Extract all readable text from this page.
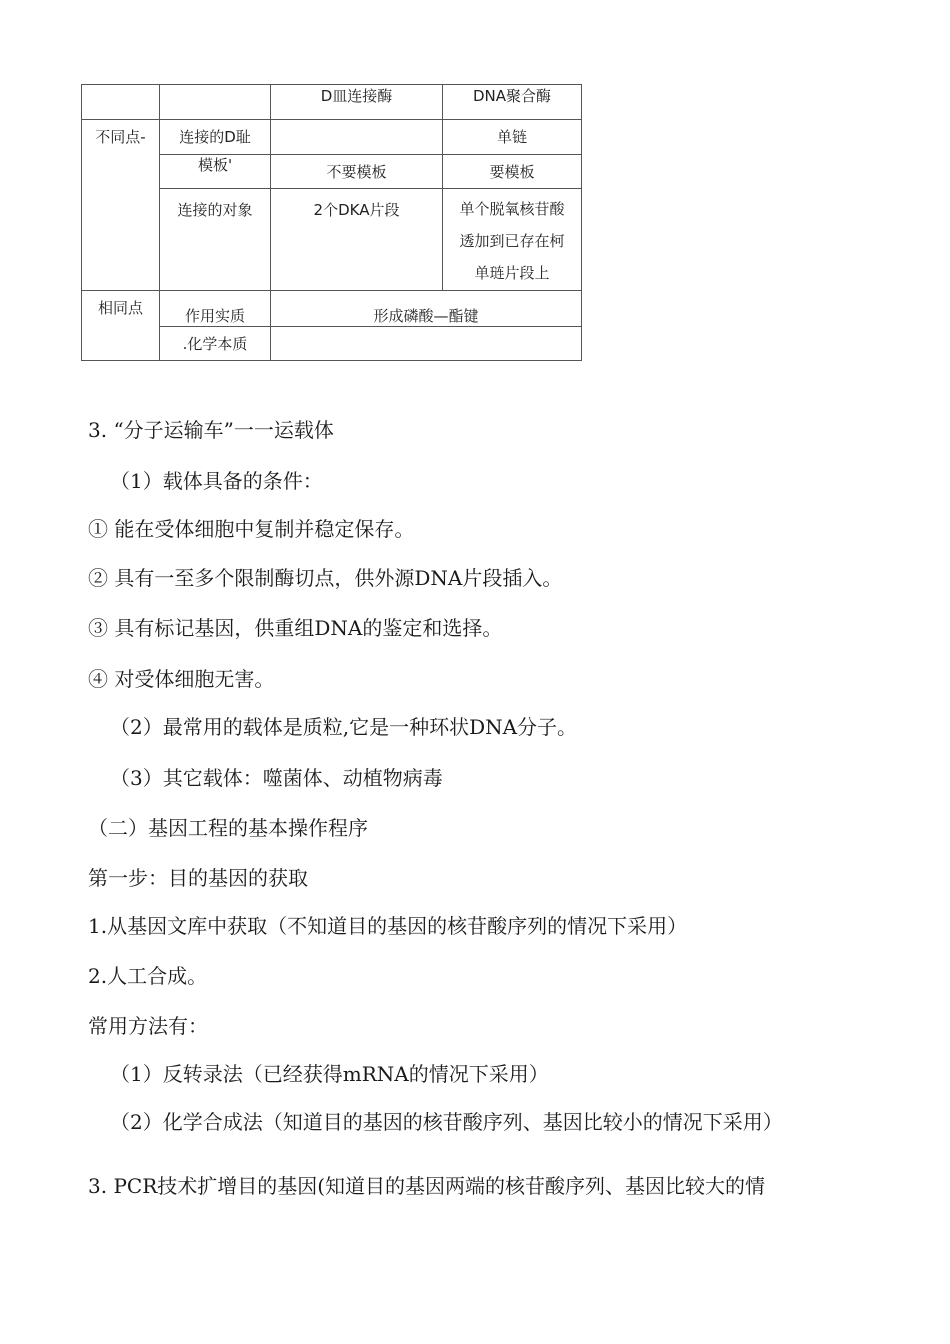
		D皿连接酶	DNA聚合酶

不同点-	连接的D耻		单链

	模板'	不要模板	要模板

	连接的对象	2个DKA片段	单个脱氧核苷酸
透加到已存在柯
单琏片段上

相同点	作用实质	形成磷酸—酯键	

	.化学本质		

3. “分子运输车”一一运载体
（1）载体具备的条件：
① 能在受体细胞中复制并稳定保存。
② 具有一至多个限制酶切点，供外源DNA片段插入。
③ 具有标记基因，供重组DNA的鉴定和选择。
④ 对受体细胞无害。
（2）最常用的载体是质粒,它是一种环状DNA分子。
（3）其它载体：噬菌体、动植物病毒
（二）基因工程的基本操作程序
第一步：目的基因的获取
1.从基因文库中获取（不知道目的基因的核苷酸序列的情况下采用）
2.人工合成。
常用方法有：
（1）反转录法（已经获得mRNA的情况下采用）
（2）化学合成法（知道目的基因的核苷酸序列、基因比较小的情况下采用）
3. PCR技术扩增目的基因(知道目的基因两端的核苷酸序列、基因比较大的情
